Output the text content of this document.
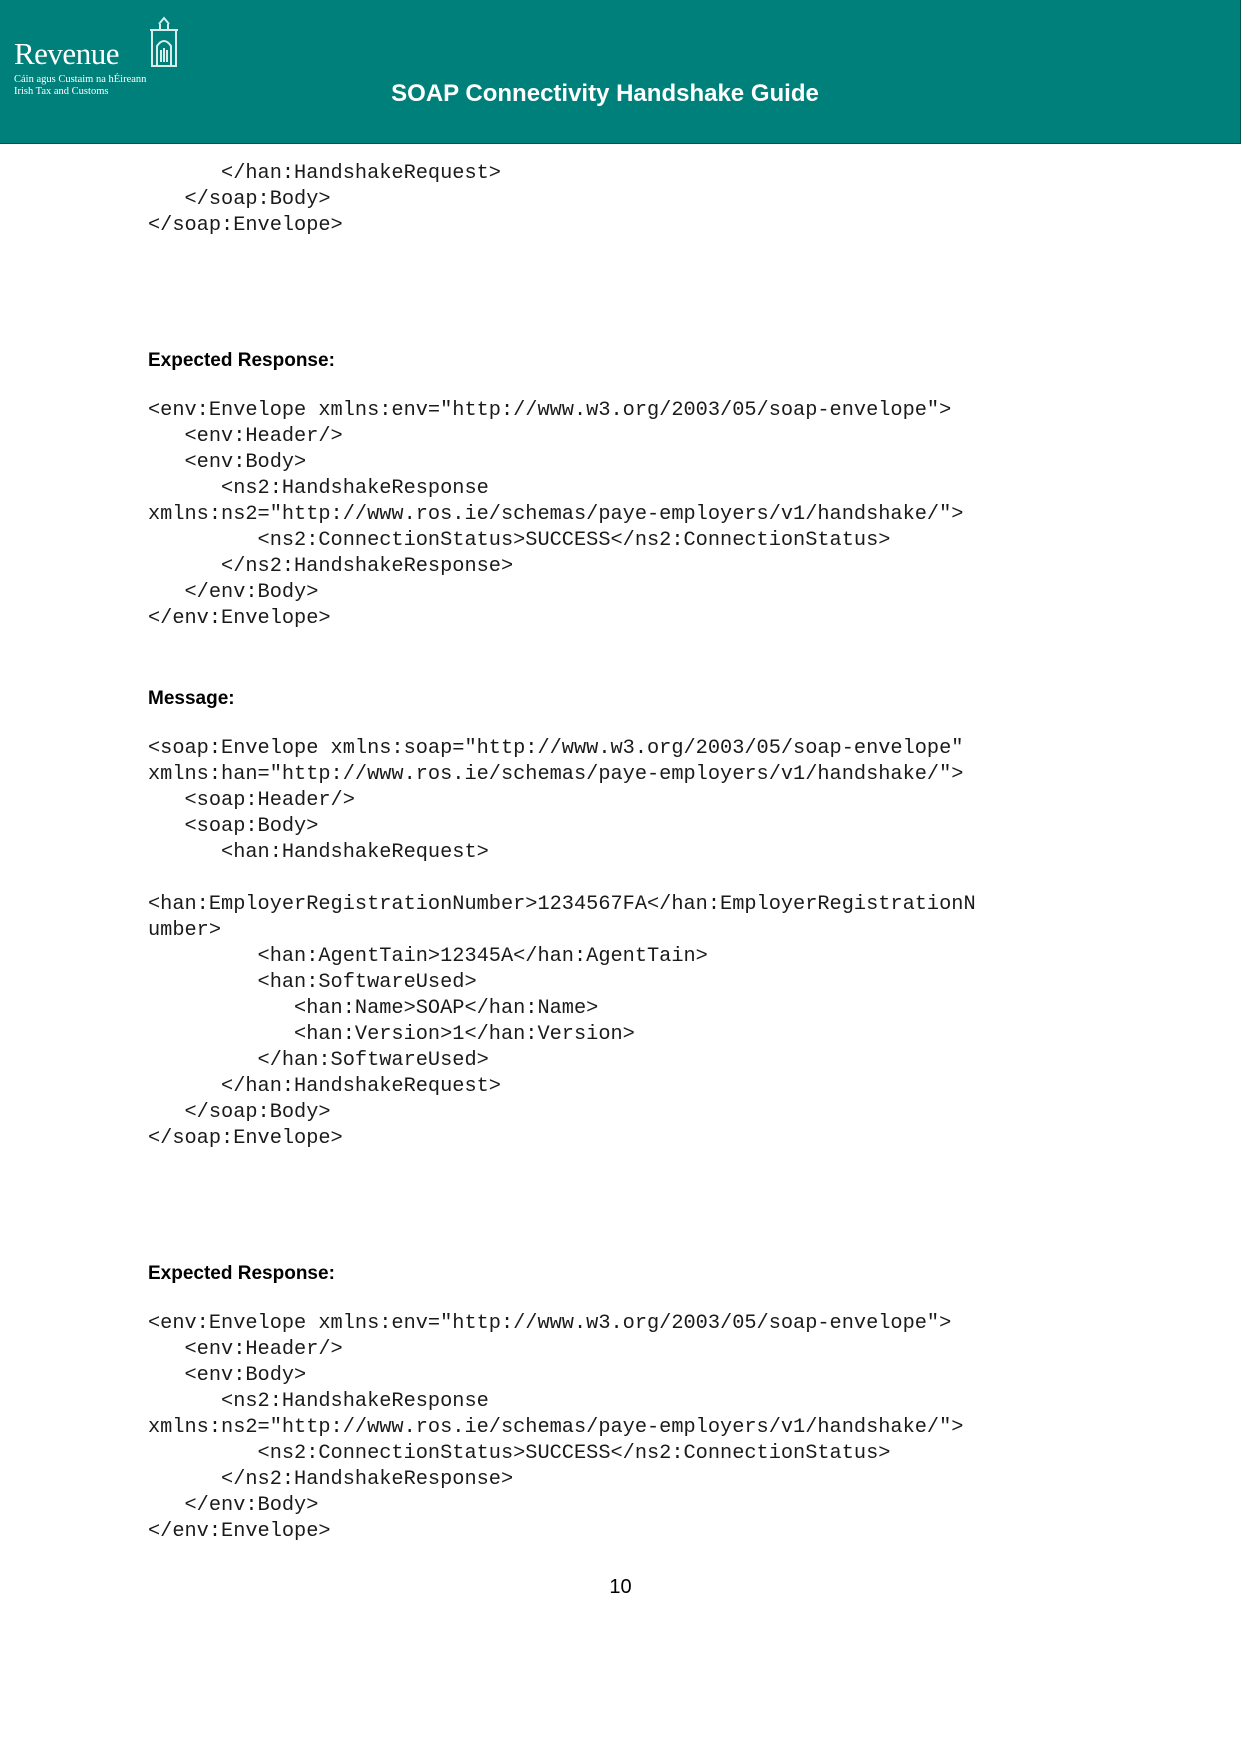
Revenue
Cáin agus Custaim na hÉireann
Irish Tax and Customs	SOAP Connectivity Handshake Guide
</han:HandshakeRequest>
</soap:Body>
</soap:Envelope>
Expected Response:
<env:Envelope xmlns:env="http://www.w3.org/2003/05/soap-envelope">
<env:Header/>
<env:Body>
<ns2:HandshakeResponse
xmlns:ns2="http://www.ros.ie/schemas/paye-employers/v1/handshake/">
<ns2:ConnectionStatus>SUCCESS</ns2:ConnectionStatus>
</ns2:HandshakeResponse>
</env:Body>
</env:Envelope>
Message:
<soap:Envelope xmlns:soap="http://www.w3.org/2003/05/soap-envelope"
xmlns:han="http://www.ros.ie/schemas/paye-employers/v1/handshake/">
<soap:Header/>
<soap:Body>
<han:HandshakeRequest>

<han:EmployerRegistrationNumber>1234567FA</han:EmployerRegistrationN
umber>
<han:AgentTain>12345A</han:AgentTain>
<han:SoftwareUsed>
<han:Name>SOAP</han:Name>
<han:Version>1</han:Version>
</han:SoftwareUsed>
</han:HandshakeRequest>
</soap:Body>
</soap:Envelope>
Expected Response:
<env:Envelope xmlns:env="http://www.w3.org/2003/05/soap-envelope">
<env:Header/>
<env:Body>
<ns2:HandshakeResponse
xmlns:ns2="http://www.ros.ie/schemas/paye-employers/v1/handshake/">
<ns2:ConnectionStatus>SUCCESS</ns2:ConnectionStatus>
</ns2:HandshakeResponse>
</env:Body>
</env:Envelope>
10
